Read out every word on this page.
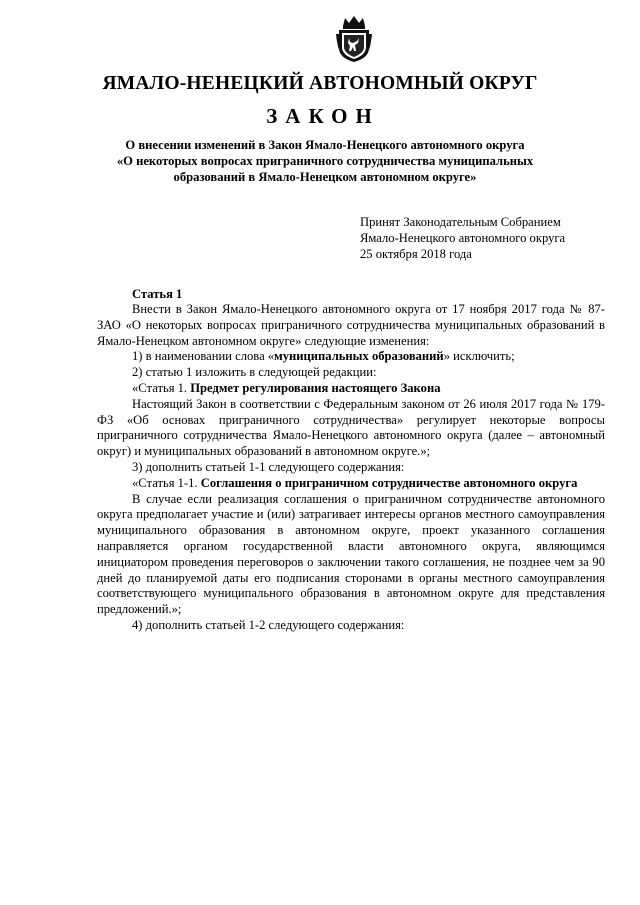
ЯМАЛО-НЕНЕЦКИЙ АВТОНОМНЫЙ ОКРУГ
ЗАКОН
О внесении изменений в Закон Ямало-Ненецкого автономного округа
«О некоторых вопросах приграничного сотрудничества муниципальных
образований в Ямало-Ненецком автономном округе»
Принят Законодательным Собранием
Ямало-Ненецкого автономного округа
25 октября 2018 года
Статья 1

Внести в Закон Ямало-Ненецкого автономного округа от 17 ноября 2017 года № 87-ЗАО «О некоторых вопросах приграничного сотрудничества муниципальных образований в Ямало-Ненецком автономном округе» следующие изменения:

1) в наименовании слова «муниципальных образований» исключить;

2) статью 1 изложить в следующей редакции:

«Статья 1. Предмет регулирования настоящего Закона

Настоящий Закон в соответствии с Федеральным законом от 26 июля 2017 года № 179-ФЗ «Об основах приграничного сотрудничества» регулирует некоторые вопросы приграничного сотрудничества Ямало-Ненецкого автономного округа (далее – автономный округ) и муниципальных образований в автономном округе.»;

3) дополнить статьей 1-1 следующего содержания:

«Статья 1-1. Соглашения о приграничном сотрудничестве автономного округа

В случае если реализация соглашения о приграничном сотрудничестве автономного округа предполагает участие и (или) затрагивает интересы органов местного самоуправления муниципального образования в автономном округе, проект указанного соглашения направляется органом государственной власти автономного округа, являющимся инициатором проведения переговоров о заключении такого соглашения, не позднее чем за 90 дней до планируемой даты его подписания сторонами в органы местного самоуправления соответствующего муниципального образования в автономном округе для представления предложений.»;

4) дополнить статьей 1-2 следующего содержания:
